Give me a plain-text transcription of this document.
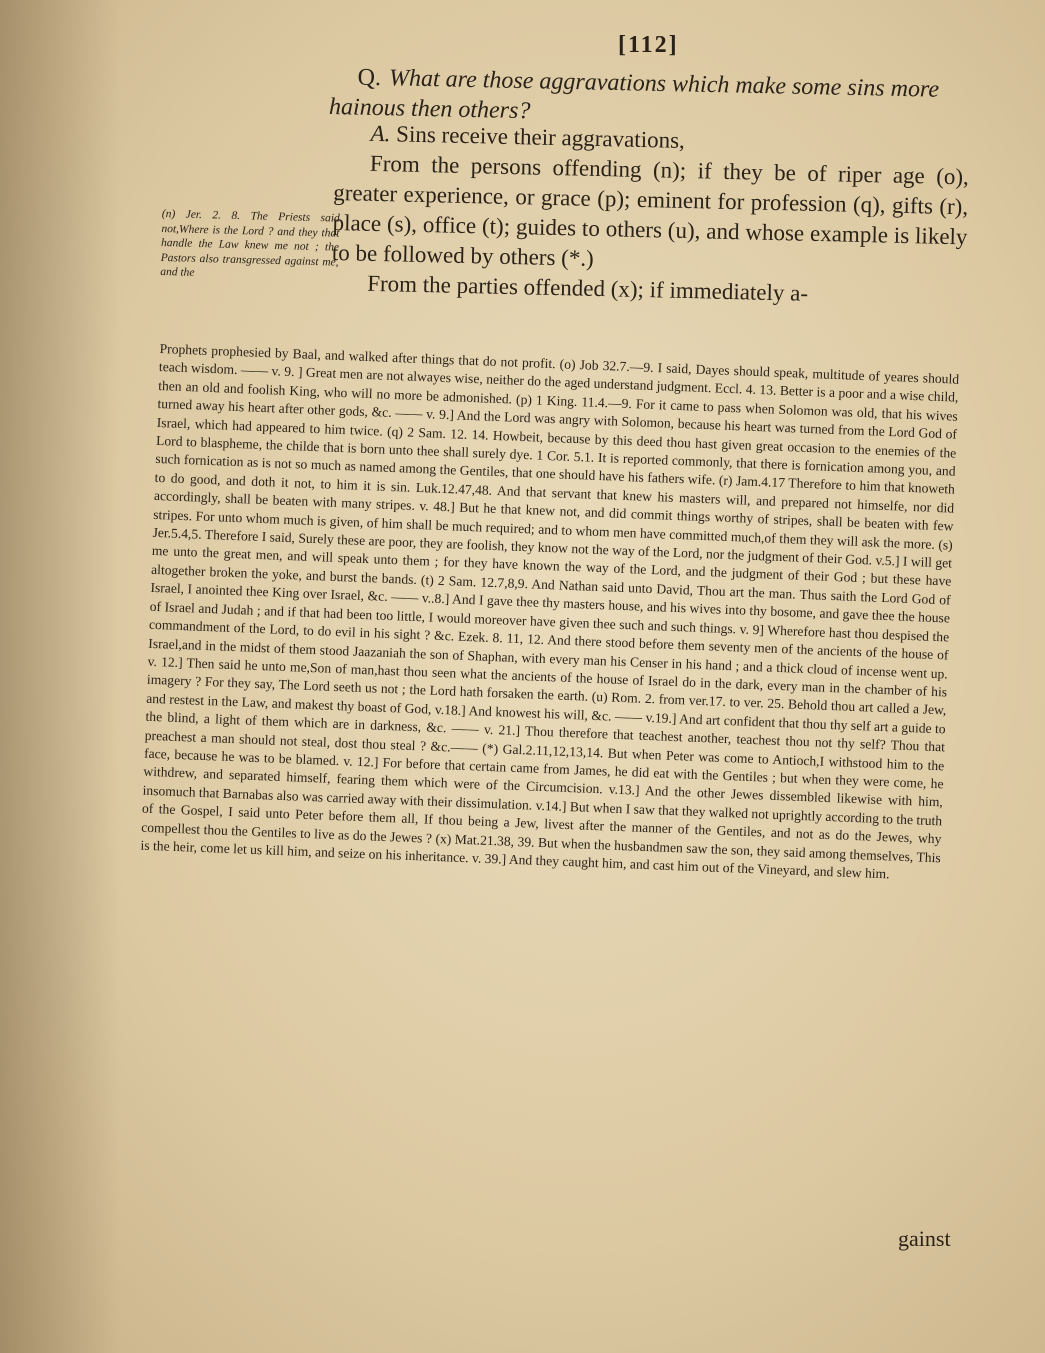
[112]

Q. What are those aggravations which make some sins more hainous then others?

A. Sins receive their aggravations,

From the persons offending (n); if they be of riper age (o), greater experience, or grace (p); eminent for profession (q), gifts (r), place (s), office (t); guides to others (u), and whose example is likely to be followed by others (*.)

From the parties offended (x); if immediately a-

(n) Jer. 2. 8. The Priests said not,Where is the Lord ? and they that handle the Law knew me not ; the Pastors also transgressed against me, and the

Prophets prophesied by Baal, and walked after things that do not profit. (o) Job 32.7.—9. I said, Dayes should speak, multitude of yeares should teach wisdom. —— v. 9. ] Great men are not alwayes wise, neither do the aged understand judgment. Eccl. 4. 13. Better is a poor and a wise child, then an old and foolish King, who will no more be admonished. (p) 1 King. 11.4.—9. For it came to pass when Solomon was old, that his wives turned away his heart after other gods, &c. —— v. 9.] And the Lord was angry with Solomon, because his heart was turned from the Lord God of Israel, which had appeared to him twice. (q) 2 Sam. 12. 14. Howbeit, because by this deed thou hast given great occasion to the enemies of the Lord to blaspheme, the childe that is born unto thee shall surely dye. 1 Cor. 5.1. It is reported commonly, that there is fornication among you, and such fornication as is not so much as named among the Gentiles, that one should have his fathers wife. (r) Jam.4.17 Therefore to him that knoweth to do good, and doth it not, to him it is sin. Luk.12.47,48. And that servant that knew his masters will, and prepared not himselfe, nor did accordingly, shall be beaten with many stripes. v. 48.] But he that knew not, and did commit things worthy of stripes, shall be beaten with few stripes. For unto whom much is given, of him shall be much required; and to whom men have committed much,of them they will ask the more. (s) Jer.5.4,5. Therefore I said, Surely these are poor, they are foolish, they know not the way of the Lord, nor the judgment of their God. v.5.] I will get me unto the great men, and will speak unto them ; for they have known the way of the Lord, and the judgment of their God ; but these have altogether broken the yoke, and burst the bands. (t) 2 Sam. 12.7,8,9. And Nathan said unto David, Thou art the man. Thus saith the Lord God of Israel, I anointed thee King over Israel, &c. —— v..8.] And I gave thee thy masters house, and his wives into thy bosome, and gave thee the house of Israel and Judah ; and if that had been too little, I would moreover have given thee such and such things. v. 9] Wherefore hast thou despised the commandment of the Lord, to do evil in his sight ? &c. Ezek. 8. 11, 12. And there stood before them seventy men of the ancients of the house of Israel,and in the midst of them stood Jaazaniah the son of Shaphan, with every man his Censer in his hand ; and a thick cloud of incense went up. v. 12.] Then said he unto me,Son of man,hast thou seen what the ancients of the house of Israel do in the dark, every man in the chamber of his imagery ? For they say, The Lord seeth us not ; the Lord hath forsaken the earth. (u) Rom. 2. from ver.17. to ver. 25. Behold thou art called a Jew, and restest in the Law, and makest thy boast of God, v.18.] And knowest his will, &c. —— v.19.] And art confident that thou thy self art a guide to the blind, a light of them which are in darkness, &c. —— v. 21.] Thou therefore that teachest another, teachest thou not thy self? Thou that preachest a man should not steal, dost thou steal ? &c.—— (*) Gal.2.11,12,13,14. But when Peter was come to Antioch,I withstood him to the face, because he was to be blamed. v. 12.] For before that certain came from James, he did eat with the Gentiles ; but when they were come, he withdrew, and separated himself, fearing them which were of the Circumcision. v.13.] And the other Jewes dissembled likewise with him, insomuch that Barnabas also was carried away with their dissimulation. v.14.] But when I saw that they walked not uprightly according to the truth of the Gospel, I said unto Peter before them all, If thou being a Jew, livest after the manner of the Gentiles, and not as do the Jewes, why compellest thou the Gentiles to live as do the Jewes ? (x) Mat.21.38, 39. But when the husbandmen saw the son, they said among themselves, This is the heir, come let us kill him, and seize on his inheritance. v. 39.] And they caught him, and cast him out of the Vineyard, and slew him.

gainst
